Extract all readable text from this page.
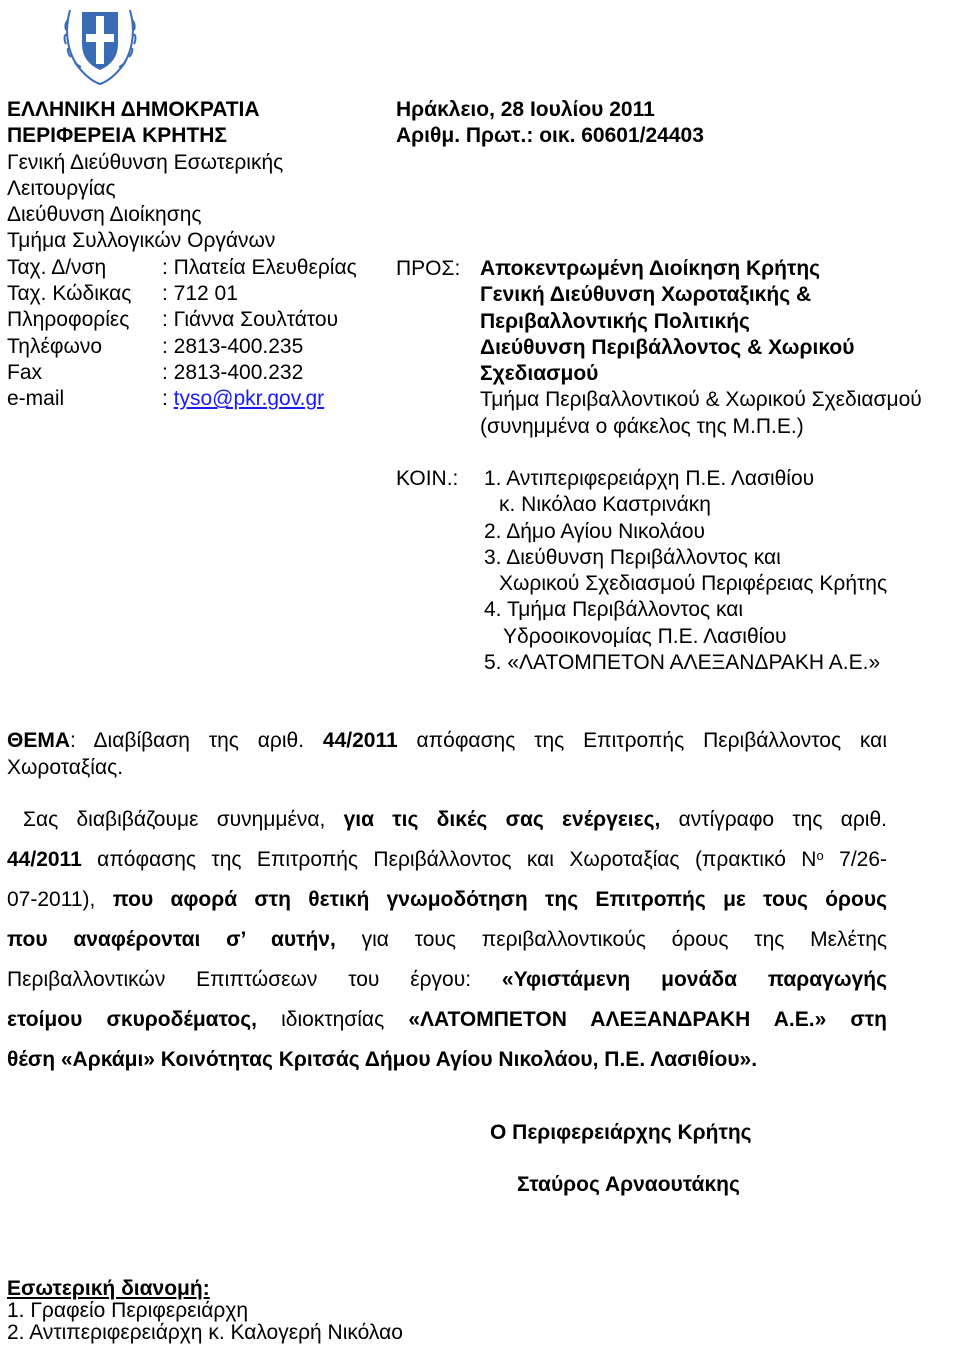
ΕΛΛΗΝΙΚΗ ΔΗΜΟΚΡΑΤΙΑ
ΠΕΡΙΦΕΡΕΙΑ ΚΡΗΤΗΣ
Γενική Διεύθυνση Εσωτερικής
Λειτουργίας
Διεύθυνση Διοίκησης
Τμήμα Συλλογικών Οργάνων
Ταχ. Δ/νση	: Πλατεία Ελευθερίας
Ταχ. Κώδικας : 712 01
Πληροφορίες : Γιάννα Σουλτάτου
Τηλέφωνο	: 2813-400.235
Fax	: 2813-400.232
e-mail	: tyso@pkr.gov.gr
Ηράκλειο, 28 Ιουλίου 2011
Αριθμ. Πρωτ.: οικ. 60601/24403
ΠΡΟΣ: Αποκεντρωμένη Διοίκηση Κρήτης
Γενική Διεύθυνση Χωροταξικής &
Περιβαλλοντικής Πολιτικής
Διεύθυνση Περιβάλλοντος & Χωρικού
Σχεδιασμού
Τμήμα Περιβαλλοντικού & Χωρικού Σχεδιασμού
(συνημμένα ο φάκελος της Μ.Π.Ε.)
ΚΟΙΝ.: 1. Αντιπεριφερειάρχη Π.Ε. Λασιθίου
κ. Νικόλαο Καστρινάκη
2. Δήμο Αγίου Νικολάου
3. Διεύθυνση Περιβάλλοντος και
Χωρικού Σχεδιασμού Περιφέρειας Κρήτης
4. Τμήμα Περιβάλλοντος και
Υδροοικονομίας Π.Ε. Λασιθίου
5. «ΛΑΤΟΜΠΕΤΟΝ ΑΛΕΞΑΝΔΡΑΚΗ Α.Ε.»
ΘΕΜΑ: Διαβίβαση της αριθ. 44/2011 απόφασης της Επιτροπής Περιβάλλοντος και Χωροταξίας.
Σας διαβιβάζουμε συνημμένα, για τις δικές σας ενέργειες, αντίγραφο της αριθ.
44/2011 απόφασης της Επιτροπής Περιβάλλοντος και Χωροταξίας (πρακτικό $N^o$ 7/26-
07-2011), που αφορά στη θετική γνωμοδότηση της Επιτροπής με τους όρους
που αναφέρονται σ’ αυτήν, για τους περιβαλλοντικούς όρους της Μελέτης
Περιβαλλοντικών Επιπτώσεων του έργου: «Υφιστάμενη μονάδα παραγωγής
ετοίμου σκυροδέματος, ιδιοκτησίας «ΛΑΤΟΜΠΕΤΟΝ ΑΛΕΞΑΝΔΡΑΚΗ Α.Ε.» στη
θέση «Αρκάμι» Κοινότητας Κριτσάς Δήμου Αγίου Νικολάου, Π.Ε. Λασιθίου».
Ο Περιφερειάρχης Κρήτης
Σταύρος Αρναουτάκης
Εσωτερική διανομή:
1. Γραφείο Περιφερειάρχη
2. Αντιπεριφερειάρχη κ. Καλογερή Νικόλαο
